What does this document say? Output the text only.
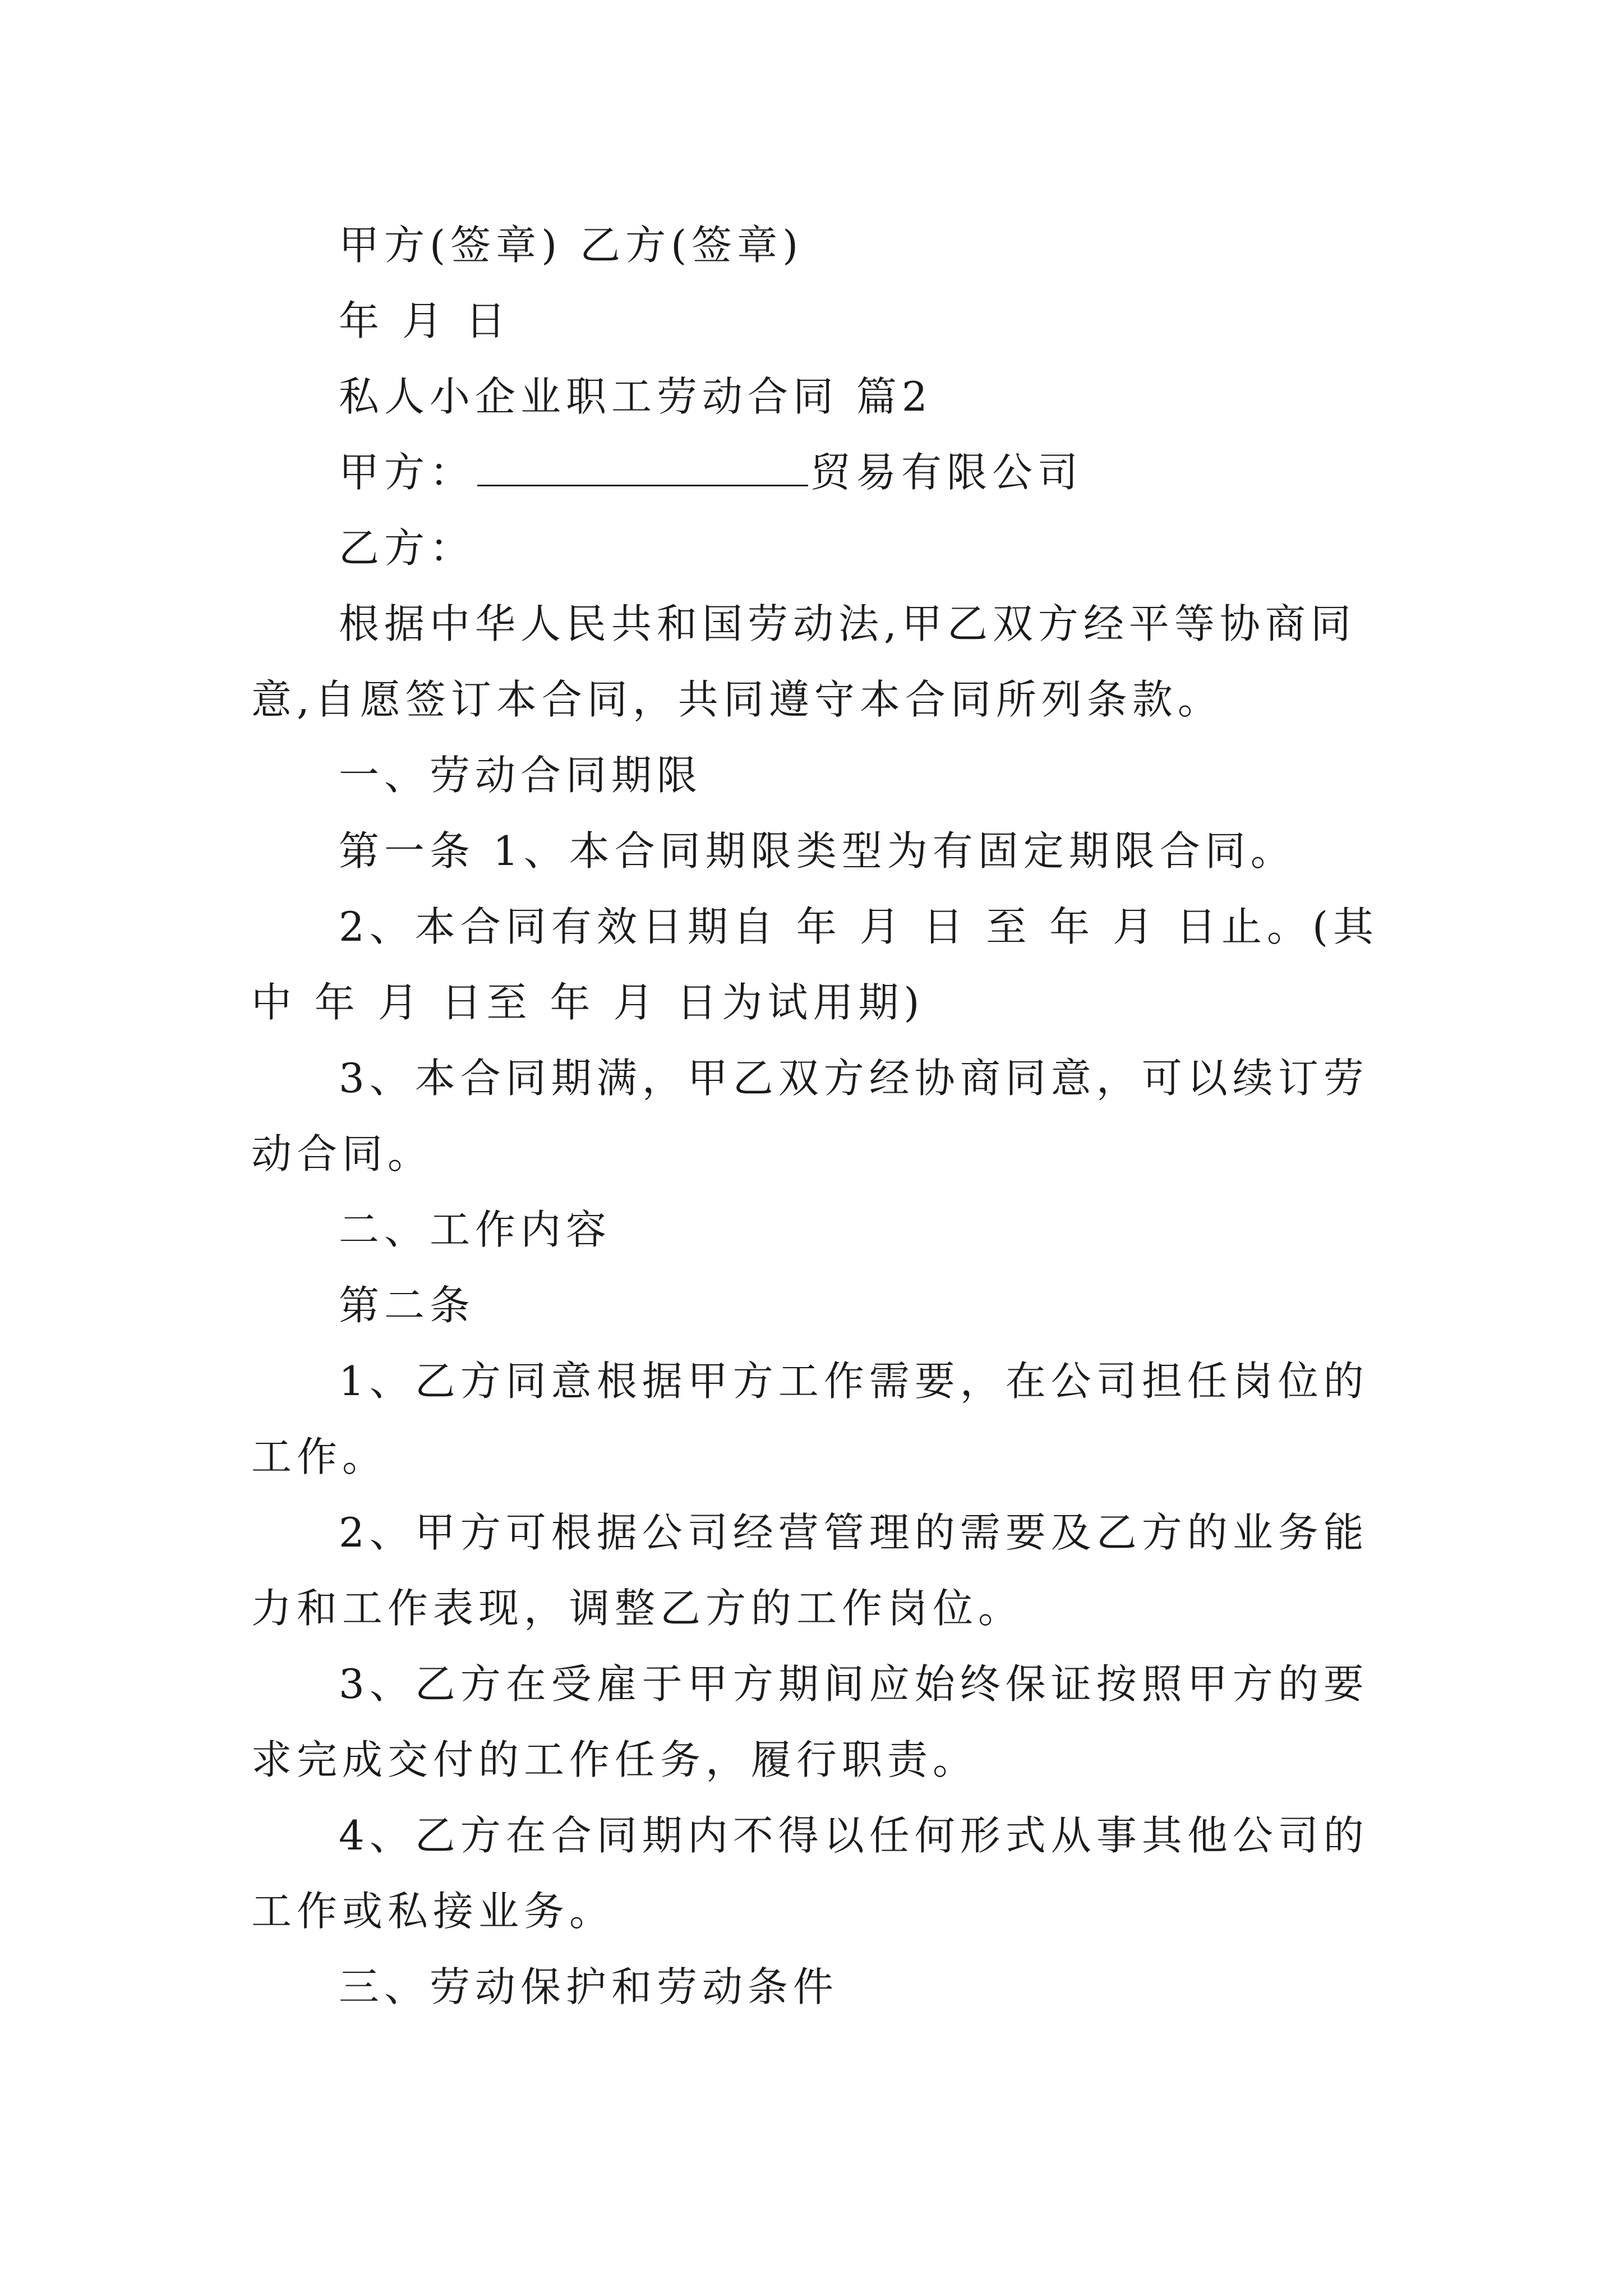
甲方(签章) 乙方(签章)

年 月 日

私人小企业职工劳动合同 篇2

甲方：	贸易有限公司

乙方：

根据中华人民共和国劳动法,甲乙双方经平等协商同意,自愿签订本合同，共同遵守本合同所列条款。

一、劳动合同期限

第一条 1、本合同期限类型为有固定期限合同。

2、本合同有效日期自 年 月 日 至 年 月 日止。(其中 年 月 日至 年 月 日为试用期)

3、本合同期满，甲乙双方经协商同意，可以续订劳动合同。

二、工作内容

第二条

1、乙方同意根据甲方工作需要，在公司担任岗位的工作。

2、甲方可根据公司经营管理的需要及乙方的业务能力和工作表现，调整乙方的工作岗位。

3、乙方在受雇于甲方期间应始终保证按照甲方的要求完成交付的工作任务，履行职责。

4、乙方在合同期内不得以任何形式从事其他公司的工作或私接业务。

三、劳动保护和劳动条件
